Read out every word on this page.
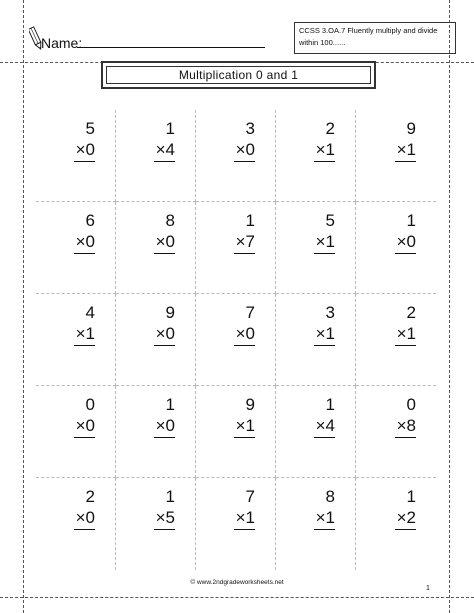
Name:
CCSS 3.OA.7 Fluently multiply and divide within 100......
Multiplication 0 and 1
5
×0
1
×4
3
×0
2
×1
9
×1
6
×0
8
×0
1
×7
5
×1
1
×0
4
×1
9
×0
7
×0
3
×1
2
×1
0
×0
1
×0
9
×1
1
×4
0
×8
2
×0
1
×5
7
×1
8
×1
1
×2
© www.2ndgradeworksheets.net
1
